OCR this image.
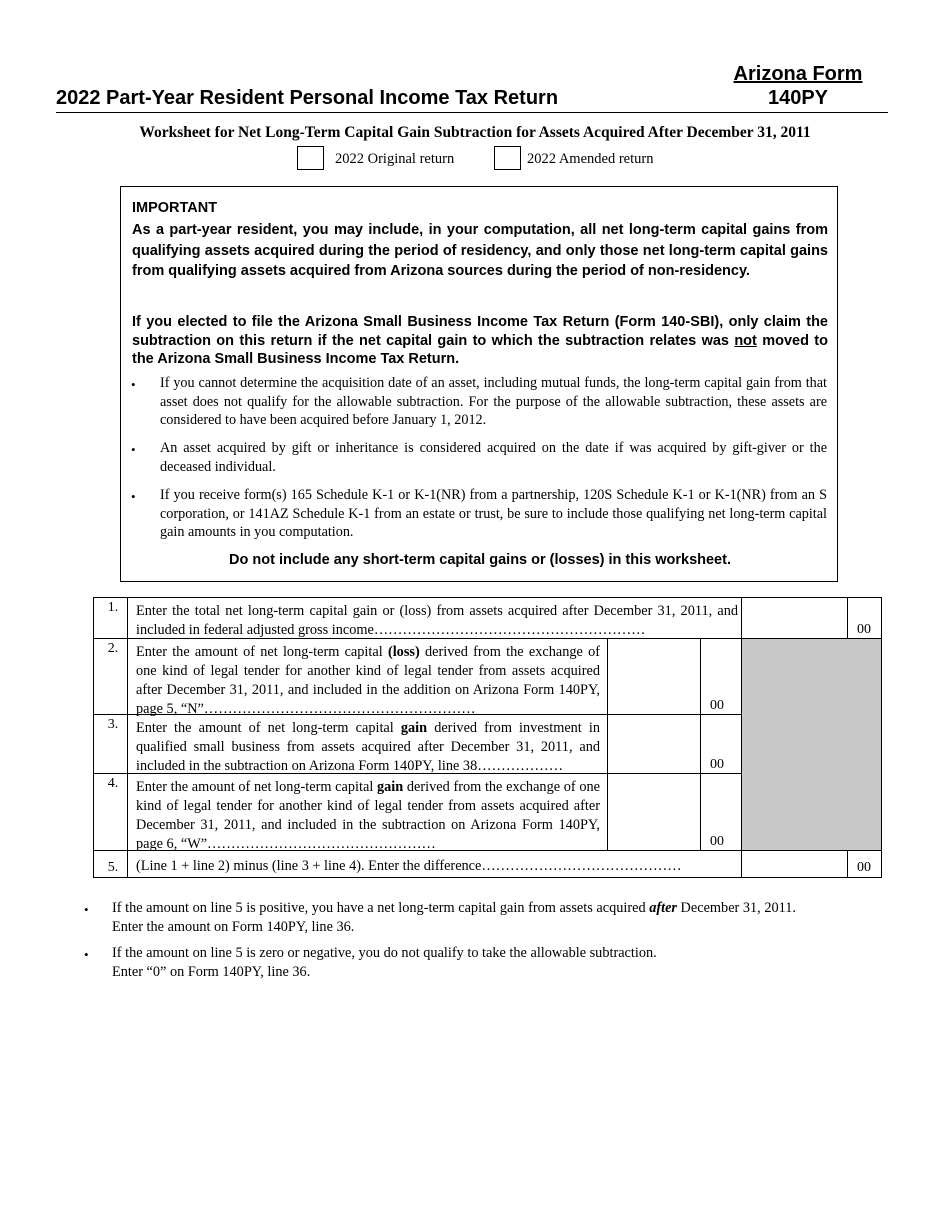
Arizona Form
140PY
2022 Part-Year Resident Personal Income Tax Return
Worksheet for Net Long-Term Capital Gain Subtraction for Assets Acquired After December 31, 2011
2022 Original return	2022 Amended return
IMPORTANT
As a part-year resident, you may include, in your computation, all net long-term capital gains from qualifying assets acquired during the period of residency, and only those net long-term capital gains from qualifying assets acquired from Arizona sources during the period of non-residency.
If you elected to file the Arizona Small Business Income Tax Return (Form 140-SBI), only claim the subtraction on this return if the net capital gain to which the subtraction relates was not moved to the Arizona Small Business Income Tax Return.
• If you cannot determine the acquisition date of an asset, including mutual funds, the long-term capital gain from that asset does not qualify for the allowable subtraction. For the purpose of the allowable subtraction, these assets are considered to have been acquired before January 1, 2012.
• An asset acquired by gift or inheritance is considered acquired on the date if was acquired by gift-giver or the deceased individual.
• If you receive form(s) 165 Schedule K-1 or K-1(NR) from a partnership, 120S Schedule K-1 or K-1(NR) from an S corporation, or 141AZ Schedule K-1 from an estate or trust, be sure to include those qualifying net long-term capital gain amounts in you computation.
Do not include any short-term capital gains or (losses) in this worksheet.
1.	Enter the total net long-term capital gain or (loss) from assets acquired after December 31, 2011, and included in federal adjusted gross income…………………………………………………	00
2.	Enter the amount of net long-term capital (loss) derived from the exchange of one kind of legal tender for another kind of legal tender from assets acquired after December 31, 2011, and included in the addition on Arizona Form 140PY, page 5, “N”…………………………………………………	00
3.	Enter the amount of net long-term capital gain derived from investment in qualified small business from assets acquired after December 31, 2011, and included in the subtraction on Arizona Form 140PY, line 38………………	00
4.	Enter the amount of net long-term capital gain derived from the exchange of one kind of legal tender for another kind of legal tender from assets acquired after December 31, 2011, and included in the subtraction on Arizona Form 140PY, page 6, “W”…………………………………………	00
5.	(Line 1 + line 2) minus (line 3 + line 4). Enter the difference……………………………………	00
• If the amount on line 5 is positive, you have a net long-term capital gain from assets acquired after December 31, 2011.
Enter the amount on Form 140PY, line 36.
• If the amount on line 5 is zero or negative, you do not qualify to take the allowable subtraction.
Enter “0” on Form 140PY, line 36.
